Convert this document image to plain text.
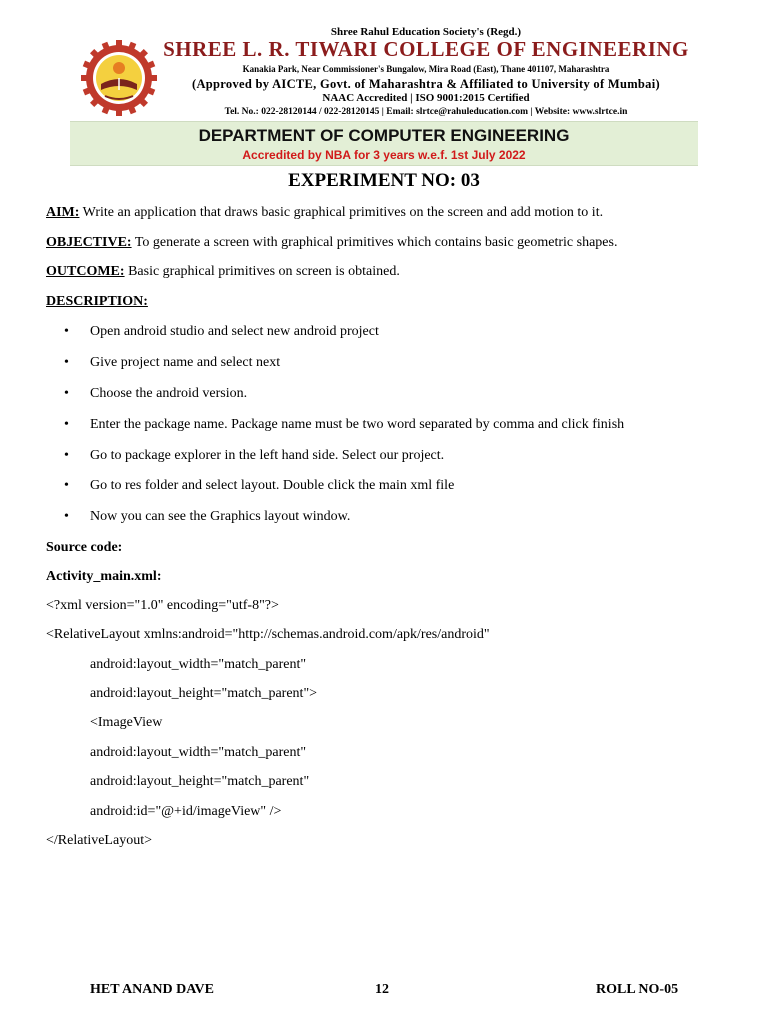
Shree Rahul Education Society's (Regd.)
SHREE L. R. TIWARI COLLEGE OF ENGINEERING
Kanakia Park, Near Commissioner's Bungalow, Mira Road (East), Thane 401107, Maharashtra
(Approved by AICTE, Govt. of Maharashtra & Affiliated to University of Mumbai)
NAAC Accredited | ISO 9001:2015 Certified
Tel. No.: 022-28120144 / 022-28120145 | Email: slrtce@rahuleducation.com | Website: www.slrtce.in
DEPARTMENT OF COMPUTER ENGINEERING
Accredited by NBA for 3 years w.e.f. 1st July 2022
EXPERIMENT NO: 03
AIM: Write an application that draws basic graphical primitives on the screen and add motion to it.
OBJECTIVE: To generate a screen with graphical primitives which contains basic geometric shapes.
OUTCOME: Basic graphical primitives on screen is obtained.
DESCRIPTION:
• Open android studio and select new android project
• Give project name and select next
• Choose the android version.
• Enter the package name. Package name must be two word separated by comma and click finish
• Go to package explorer in the left hand side. Select our project.
• Go to res folder and select layout. Double click the main xml file
• Now you can see the Graphics layout window.
Source code:
Activity_main.xml:
<?xml version="1.0" encoding="utf-8"?>
<RelativeLayout xmlns:android="http://schemas.android.com/apk/res/android"
android:layout_width="match_parent"
android:layout_height="match_parent">
<ImageView
android:layout_width="match_parent"
android:layout_height="match_parent"
android:id="@+id/imageView" />
</RelativeLayout>
HET ANAND DAVE	12	ROLL NO-05
